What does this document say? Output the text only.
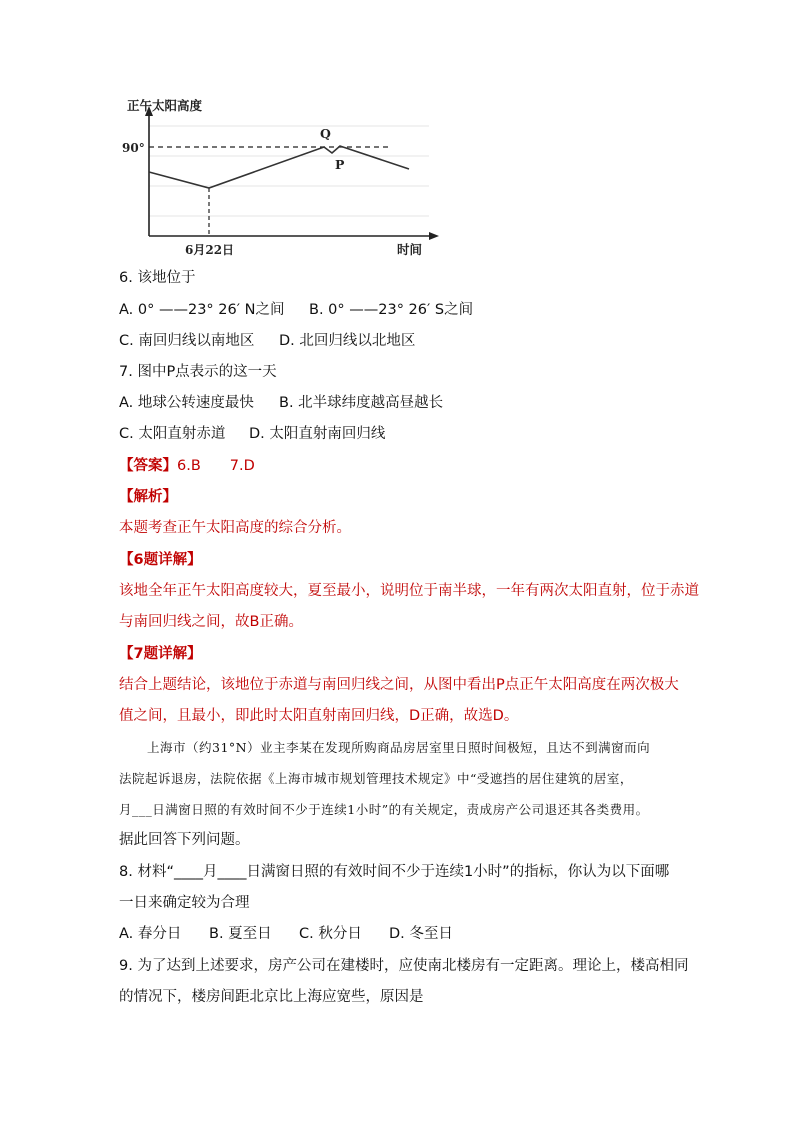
正午太阳高度
90°
Q
P
6月22日	时间
6. 该地位于
A. 0° ——23° 26′ N之间 B. 0° ——23° 26′ S之间
C. 南回归线以南地区 D. 北回归线以北地区
7. 图中P点表示的这一天
A. 地球公转速度最快 B. 北半球纬度越高昼越长
C. 太阳直射赤道 D. 太阳直射南回归线
【答案】6.B　　7.D
【解析】
本题考查正午太阳高度的综合分析。
【6题详解】
该地全年正午太阳高度较大，夏至最小，说明位于南半球，一年有两次太阳直射，位于赤道
与南回归线之间，故B正确。
【7题详解】
结合上题结论，该地位于赤道与南回归线之间，从图中看出P点正午太阳高度在两次极大
值之间，且最小，即此时太阳直射南回归线，D正确，故选D。
上海市（约31°N）业主李某在发现所购商品房居室里日照时间极短，且达不到满窗而向
法院起诉退房，法院依据《上海市城市规划管理技术规定》中“受遮挡的居住建筑的居室，
月___日满窗日照的有效时间不少于连续1小时”的有关规定，责成房产公司退还其各类费用。
据此回答下列问题。
8. 材料“____月____日满窗日照的有效时间不少于连续1小时”的指标，你认为以下面哪
一日来确定较为合理
A. 春分日 B. 夏至日 C. 秋分日 D. 冬至日
9. 为了达到上述要求，房产公司在建楼时，应使南北楼房有一定距离。理论上，楼高相同
的情况下，楼房间距北京比上海应宽些，原因是
